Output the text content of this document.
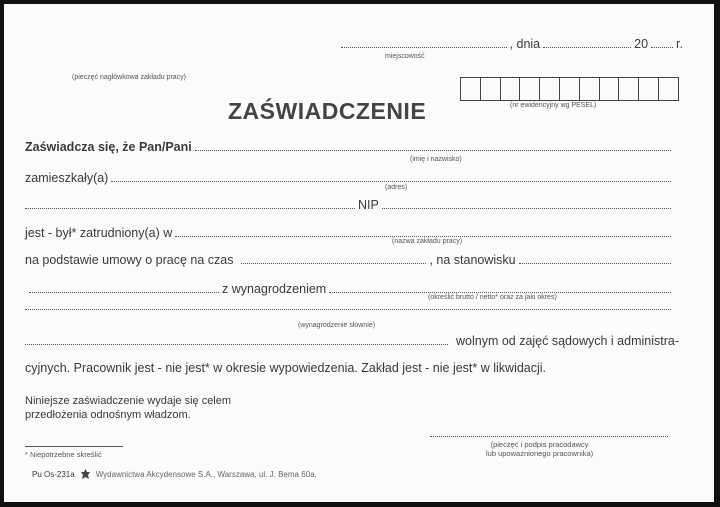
, dnia	20 r.
miejscowość
(pieczęć nagłówkowa zakładu pracy)
(nr ewidencyjny wg PESEL)
ZAŚWIADCZENIE
Zaświadcza się, że Pan/Pani
(imię i nazwisko)
zamieszkały(a)
(adres)
NIP
jest - był* zatrudniony(a) w
(nazwa zakładu pracy)
na podstawie umowy o pracę na czas	, na stanowisku
z wynagrodzeniem
(określić brutto / netto* oraz za jaki okres)
(wynagrodzenie słownie)
wolnym od zajęć sądowych i administra-
cyjnych. Pracownik jest - nie jest* w okresie wypowiedzenia. Zakład jest - nie jest* w likwidacji.
Niniejsze zaświadczenie wydaje się celem
przedłożenia odnośnym władzom.
(pieczęć i podpis pracodawcy
lub upoważnionego pracownika)
* Niepotrzebne skreślić
Pu Os-231a	Wydawnictwa Akcydensowe S.A., Warszawa, ul. J. Bema 60a.
